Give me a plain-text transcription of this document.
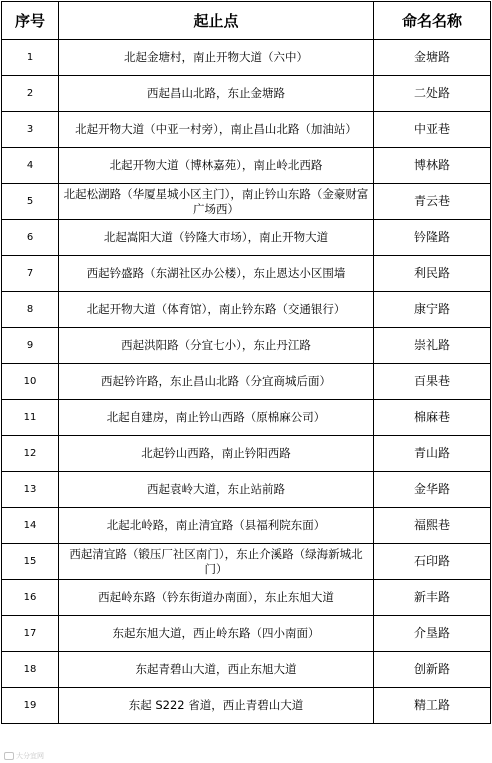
序号	起止点	命名名称
1	北起金塘村，南止开物大道（六中）	金塘路
2	西起昌山北路，东止金塘路	二处路
3	北起开物大道（中亚一村旁），南止昌山北路（加油站）	中亚巷
4	北起开物大道（博林嘉苑），南止岭北西路	博林路
5	北起松湖路（华厦星城小区主门），南止钤山东路（金豪财富广场西）	青云巷
6	北起嵩阳大道（钤隆大市场），南止开物大道	钤隆路
7	西起钤盛路（东湖社区办公楼），东止恩达小区围墙	利民路
8	北起开物大道（体育馆），南止钤东路（交通银行）	康宁路
9	西起洪阳路（分宜七小），东止丹江路	崇礼路
10	西起钤许路，东止昌山北路（分宜商城后面）	百果巷
11	北起自建房，南止钤山西路（原棉麻公司）	棉麻巷
12	北起钤山西路，南止钤阳西路	青山路
13	西起袁岭大道，东止站前路	金华路
14	北起北岭路，南止清宜路（县福利院东面）	福熙巷
15	西起清宜路（锻压厂社区南门），东止介溪路（绿海新城北门）	石印路
16	西起岭东路（钤东街道办南面），东止东旭大道	新丰路
17	东起东旭大道，西止岭东路（四小南面）	介垦路
18	东起青碧山大道，西止东旭大道	创新路
19	东起 S222 省道，西止青碧山大道	精工路
大分宜网
